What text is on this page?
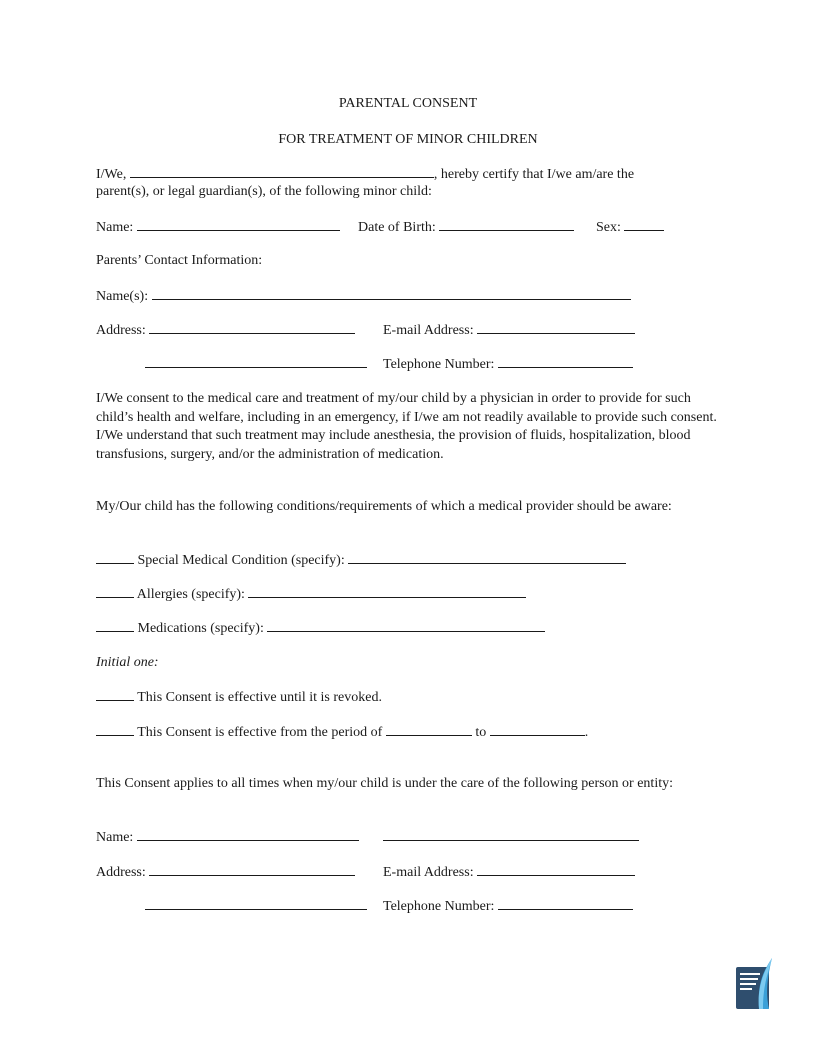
PARENTAL CONSENT
FOR TREATMENT OF MINOR CHILDREN
I/We,	, hereby certify that I/we am/are the
parent(s), or legal guardian(s), of the following minor child:
Name:	Date of Birth:	Sex:
Parents’ Contact Information:
Name(s):
Address:	E-mail Address:
Telephone Number:
I/We consent to the medical care and treatment of my/our child by a physician in order to provide for such child’s health and welfare, including in an emergency, if I/we am not readily available to provide such consent. I/We understand that such treatment may include anesthesia, the provision of fluids, hospitalization, blood transfusions, surgery, and/or the administration of medication.
My/Our child has the following conditions/requirements of which a medical provider should be aware:
Special Medical Condition (specify):
Allergies (specify):
Medications (specify):
Initial one:
This Consent is effective until it is revoked.
This Consent is effective from the period of	to	.
This Consent applies to all times when my/our child is under the care of the following person or entity:
Name:
Address:	E-mail Address:
Telephone Number:
